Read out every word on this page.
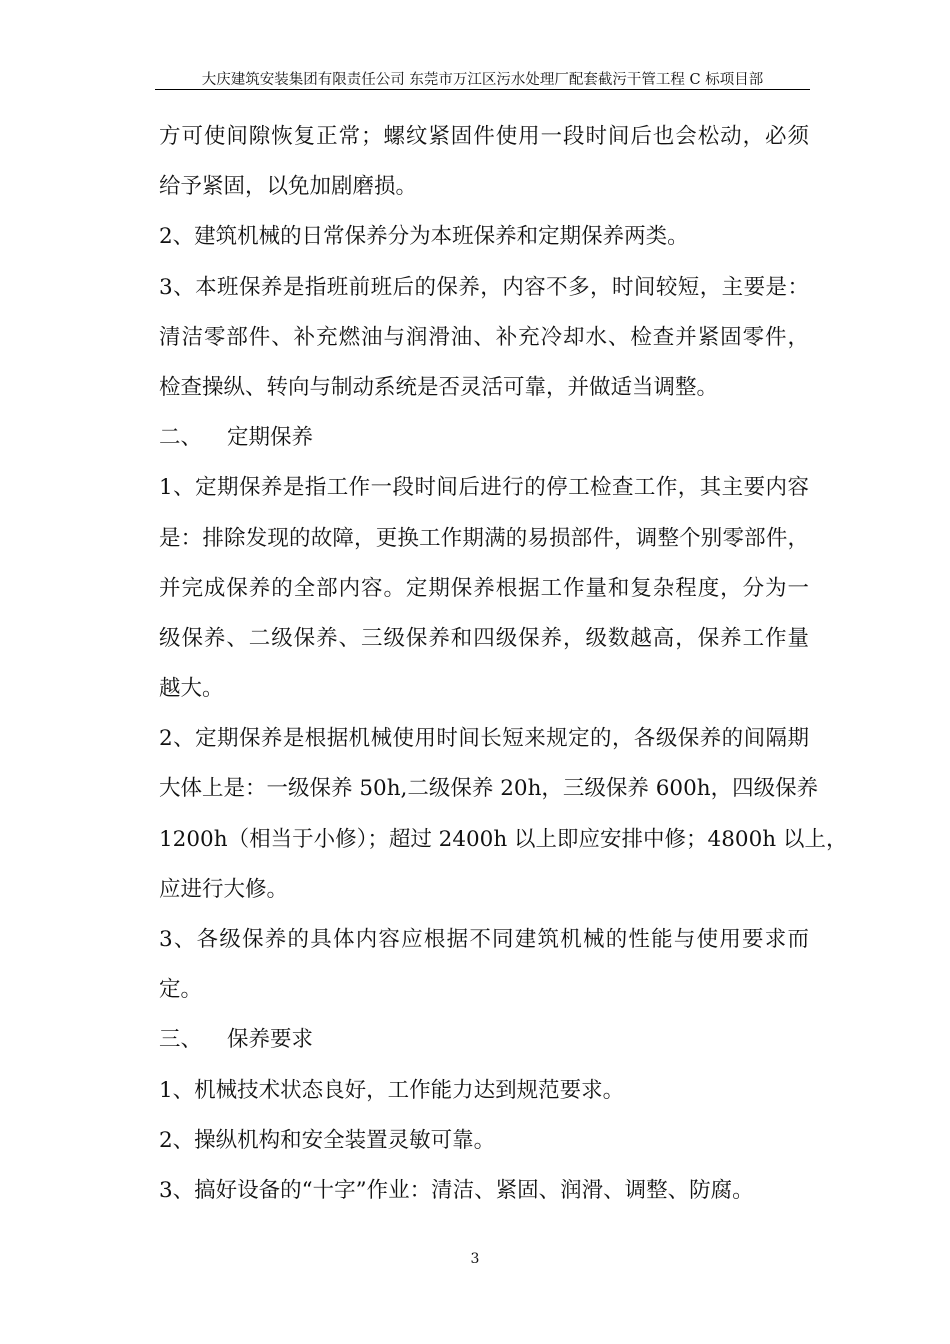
大庆建筑安装集团有限责任公司 东莞市万江区污水处理厂配套截污干管工程 C 标项目部
方可使间隙恢复正常；螺纹紧固件使用一段时间后也会松动，必须
给予紧固，以免加剧磨损。
2、建筑机械的日常保养分为本班保养和定期保养两类。
3、本班保养是指班前班后的保养，内容不多，时间较短，主要是：
清洁零部件、补充燃油与润滑油、补充冷却水、检查并紧固零件，
检查操纵、转向与制动系统是否灵活可靠，并做适当调整。
二、 定期保养
1、定期保养是指工作一段时间后进行的停工检查工作，其主要内容
是：排除发现的故障，更换工作期满的易损部件，调整个别零部件，
并完成保养的全部内容。定期保养根据工作量和复杂程度，分为一
级保养、二级保养、三级保养和四级保养，级数越高，保养工作量
越大。
2、定期保养是根据机械使用时间长短来规定的，各级保养的间隔期
大体上是：一级保养 50h,二级保养 20h，三级保养 600h，四级保养
1200h（相当于小修）；超过 2400h 以上即应安排中修；4800h 以上，
应进行大修。
3、各级保养的具体内容应根据不同建筑机械的性能与使用要求而
定。
三、 保养要求
1、机械技术状态良好，工作能力达到规范要求。
2、操纵机构和安全装置灵敏可靠。
3、搞好设备的“十字”作业：清洁、紧固、润滑、调整、防腐。
3
